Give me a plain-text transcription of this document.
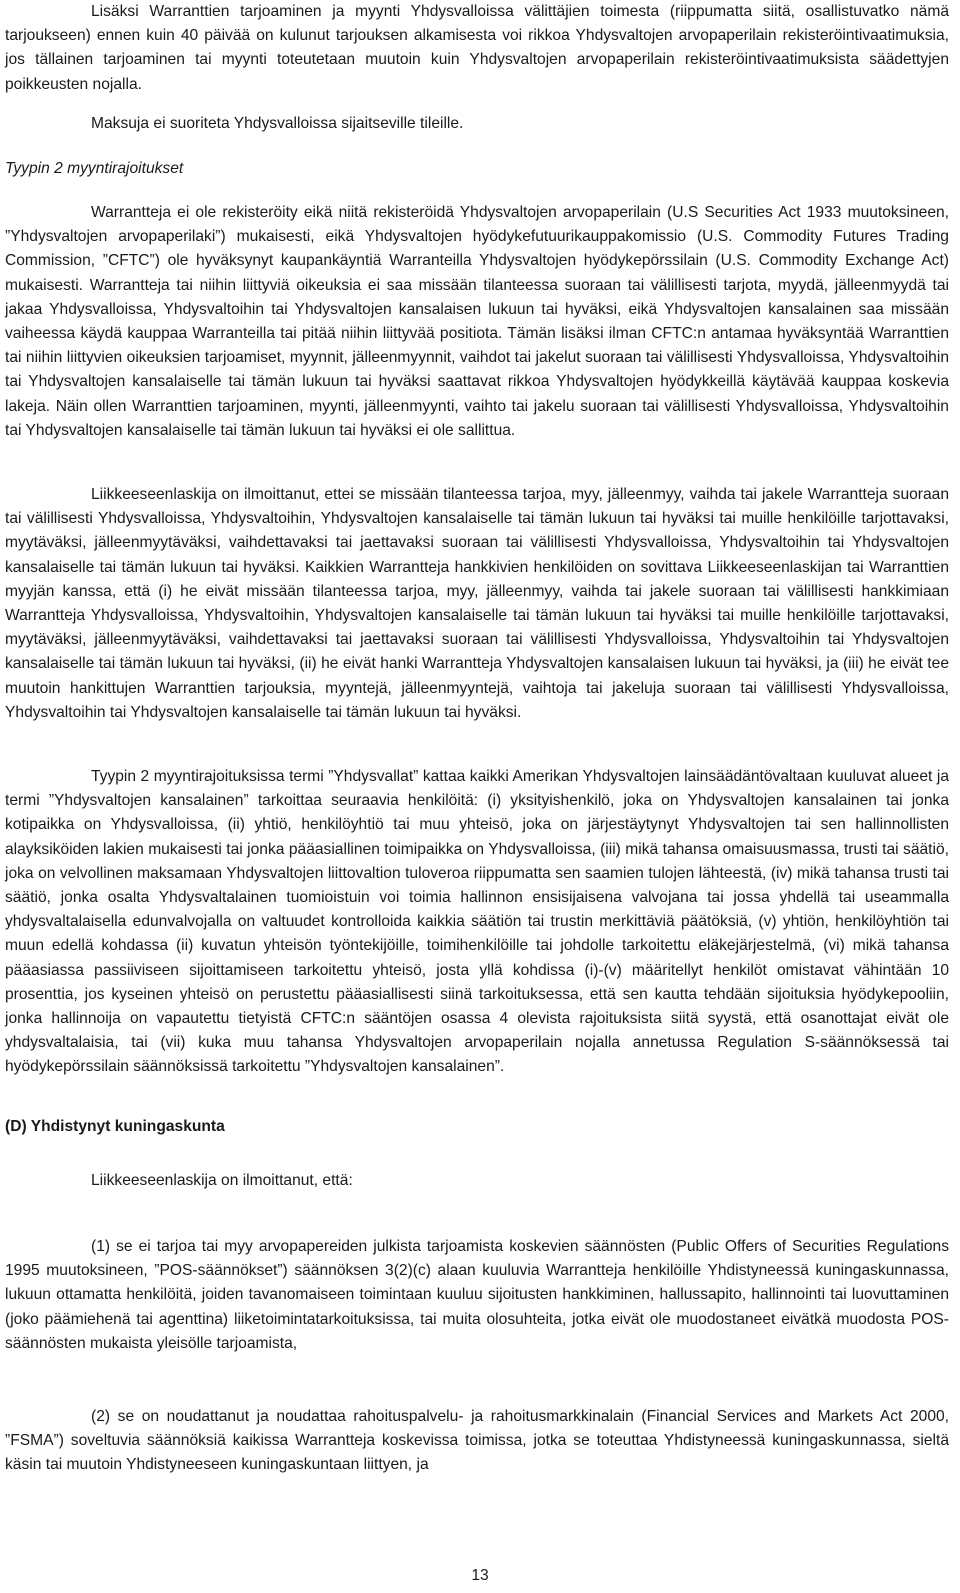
Lisäksi Warranttien tarjoaminen ja myynti Yhdysvalloissa välittäjien toimesta (riippumatta siitä, osallistuvatko nämä tarjoukseen) ennen kuin 40 päivää on kulunut tarjouksen alkamisesta voi rikkoa Yhdysvaltojen arvopaperilain rekisteröintivaatimuksia, jos tällainen tarjoaminen tai myynti toteutetaan muutoin kuin Yhdysvaltojen arvopaperilain rekisteröintivaatimuksista säädettyjen poikkeusten nojalla.

Maksuja ei suoriteta Yhdysvalloissa sijaitseville tileille.

Tyypin 2 myyntirajoitukset

Warrantteja ei ole rekisteröity eikä niitä rekisteröidä Yhdysvaltojen arvopaperilain (U.S Securities Act 1933 muutoksineen, ”Yhdysvaltojen arvopaperilaki”) mukaisesti, eikä Yhdysvaltojen hyödykefutuurikauppakomissio (U.S. Commodity Futures Trading Commission, ”CFTC”) ole hyväksynyt kaupankäyntiä Warranteilla Yhdysvaltojen hyödykepörssilain (U.S. Commodity Exchange Act) mukaisesti. Warrantteja tai niihin liittyviä oikeuksia ei saa missään tilanteessa suoraan tai välillisesti tarjota, myydä, jälleenmyydä tai jakaa Yhdysvalloissa, Yhdysvaltoihin tai Yhdysvaltojen kansalaisen lukuun tai hyväksi, eikä Yhdysvaltojen kansalainen saa missään vaiheessa käydä kauppaa Warranteilla tai pitää niihin liittyvää positiota. Tämän lisäksi ilman CFTC:n antamaa hyväksyntää Warranttien tai niihin liittyvien oikeuksien tarjoamiset, myynnit, jälleenmyynnit, vaihdot tai jakelut suoraan tai välillisesti Yhdysvalloissa, Yhdysvaltoihin tai Yhdysvaltojen kansalaiselle tai tämän lukuun tai hyväksi saattavat rikkoa Yhdysvaltojen hyödykkeillä käytävää kauppaa koskevia lakeja. Näin ollen Warranttien tarjoaminen, myynti, jälleenmyynti, vaihto tai jakelu suoraan tai välillisesti Yhdysvalloissa, Yhdysvaltoihin tai Yhdysvaltojen kansalaiselle tai tämän lukuun tai hyväksi ei ole sallittua.

Liikkeeseenlaskija on ilmoittanut, ettei se missään tilanteessa tarjoa, myy, jälleenmyy, vaihda tai jakele Warrantteja suoraan tai välillisesti Yhdysvalloissa, Yhdysvaltoihin, Yhdysvaltojen kansalaiselle tai tämän lukuun tai hyväksi tai muille henkilöille tarjottavaksi, myytäväksi, jälleenmyytäväksi, vaihdettavaksi tai jaettavaksi suoraan tai välillisesti Yhdysvalloissa, Yhdysvaltoihin tai Yhdysvaltojen kansalaiselle tai tämän lukuun tai hyväksi. Kaikkien Warrantteja hankkivien henkilöiden on sovittava Liikkeeseenlaskijan tai Warranttien myyjän kanssa, että (i) he eivät missään tilanteessa tarjoa, myy, jälleenmyy, vaihda tai jakele suoraan tai välillisesti hankkimiaan Warrantteja Yhdysvalloissa, Yhdysvaltoihin, Yhdysvaltojen kansalaiselle tai tämän lukuun tai hyväksi tai muille henkilöille tarjottavaksi, myytäväksi, jälleenmyytäväksi, vaihdettavaksi tai jaettavaksi suoraan tai välillisesti Yhdysvalloissa, Yhdysvaltoihin tai Yhdysvaltojen kansalaiselle tai tämän lukuun tai hyväksi, (ii) he eivät hanki Warrantteja Yhdysvaltojen kansalaisen lukuun tai hyväksi, ja (iii) he eivät tee muutoin hankittujen Warranttien tarjouksia, myyntejä, jälleenmyyntejä, vaihtoja tai jakeluja suoraan tai välillisesti Yhdysvalloissa, Yhdysvaltoihin tai Yhdysvaltojen kansalaiselle tai tämän lukuun tai hyväksi.

Tyypin 2 myyntirajoituksissa termi ”Yhdysvallat” kattaa kaikki Amerikan Yhdysvaltojen lainsäädäntövaltaan kuuluvat alueet ja termi ”Yhdysvaltojen kansalainen” tarkoittaa seuraavia henkilöitä: (i) yksityishenkilö, joka on Yhdysvaltojen kansalainen tai jonka kotipaikka on Yhdysvalloissa, (ii) yhtiö, henkilöyhtiö tai muu yhteisö, joka on järjestäytynyt Yhdysvaltojen tai sen hallinnollisten alayksiköiden lakien mukaisesti tai jonka pääasiallinen toimipaikka on Yhdysvalloissa, (iii) mikä tahansa omaisuusmassa, trusti tai säätiö, joka on velvollinen maksamaan Yhdysvaltojen liittovaltion tuloveroa riippumatta sen saamien tulojen lähteestä, (iv) mikä tahansa trusti tai säätiö, jonka osalta Yhdysvaltalainen tuomioistuin voi toimia hallinnon ensisijaisena valvojana tai jossa yhdellä tai useammalla yhdysvaltalaisella edunvalvojalla on valtuudet kontrolloida kaikkia säätiön tai trustin merkittäviä päätöksiä, (v) yhtiön, henkilöyhtiön tai muun edellä kohdassa (ii) kuvatun yhteisön työntekijöille, toimihenkilöille tai johdolle tarkoitettu eläkejärjestelmä, (vi) mikä tahansa pääasiassa passiiviseen sijoittamiseen tarkoitettu yhteisö, josta yllä kohdissa (i)-(v) määritellyt henkilöt omistavat vähintään 10 prosenttia, jos kyseinen yhteisö on perustettu pääasiallisesti siinä tarkoituksessa, että sen kautta tehdään sijoituksia hyödykepooliin, jonka hallinnoija on vapautettu tietyistä CFTC:n sääntöjen osassa 4 olevista rajoituksista siitä syystä, että osanottajat eivät ole yhdysvaltalaisia, tai (vii) kuka muu tahansa Yhdysvaltojen arvopaperilain nojalla annetussa Regulation S-säännöksessä tai hyödykepörssilain säännöksissä tarkoitettu ”Yhdysvaltojen kansalainen”.

(D) Yhdistynyt kuningaskunta

Liikkeeseenlaskija on ilmoittanut, että:

(1) se ei tarjoa tai myy arvopapereiden julkista tarjoamista koskevien säännösten (Public Offers of Securities Regulations 1995 muutoksineen, ”POS-säännökset”) säännöksen 3(2)(c) alaan kuuluvia Warrantteja henkilöille Yhdistyneessä kuningaskunnassa, lukuun ottamatta henkilöitä, joiden tavanomaiseen toimintaan kuuluu sijoitusten hankkiminen, hallussapito, hallinnointi tai luovuttaminen (joko päämiehenä tai agenttina) liiketoimintatarkoituksissa, tai muita olosuhteita, jotka eivät ole muodostaneet eivätkä muodosta POS-säännösten mukaista yleisölle tarjoamista,

(2) se on noudattanut ja noudattaa rahoituspalvelu- ja rahoitusmarkkinalain (Financial Services and Markets Act 2000, ”FSMA”) soveltuvia säännöksiä kaikissa Warrantteja koskevissa toimissa, jotka se toteuttaa Yhdistyneessä kuningaskunnassa, sieltä käsin tai muutoin Yhdistyneeseen kuningaskuntaan liittyen, ja

13
